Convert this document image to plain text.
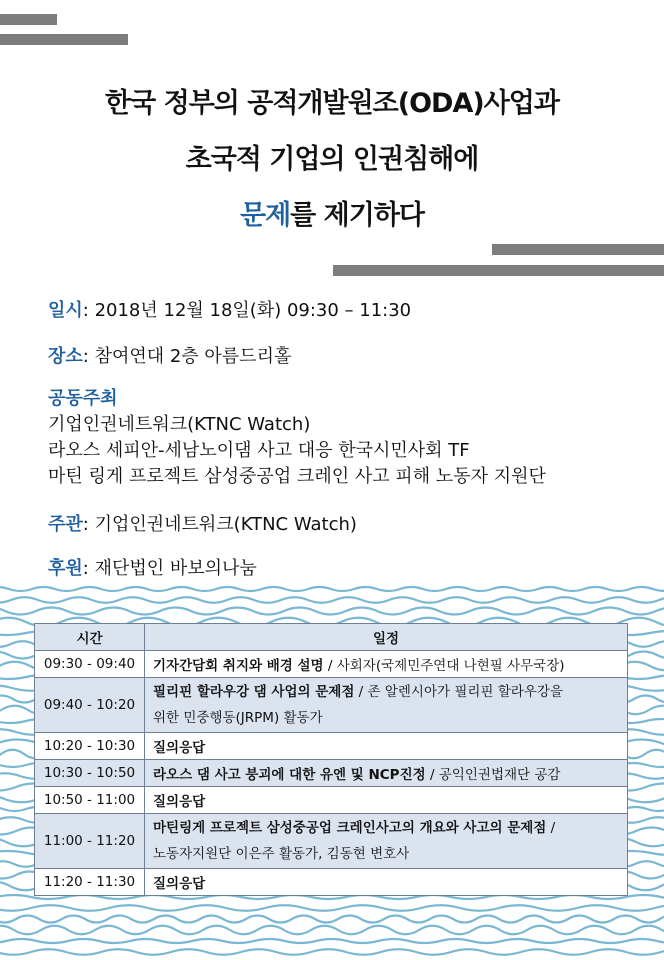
한국 정부의 공적개발원조(ODA)사업과
초국적 기업의 인권침해에
문제를 제기하다
일시: 2018년 12월 18일(화) 09:30 – 11:30
장소: 참여연대 2층 아름드리홀
공동주최
기업인권네트워크(KTNC Watch)
라오스 세피안-세남노이댐 사고 대응 한국시민사회 TF
마틴 링게 프로젝트 삼성중공업 크레인 사고 피해 노동자 지원단
주관: 기업인권네트워크(KTNC Watch)
후원: 재단법인 바보의나눔
시간	일정
09:30 - 09:40	기자간담회 취지와 배경 설명 / 사회자(국제민주연대 나현필 사무국장)
09:40 - 10:20	필리핀 할라우강 댐 사업의 문제점 / 존 알렌시아가 필리핀 할라우강을
위한 민중행동(JRPM) 활동가
10:20 - 10:30	질의응답
10:30 - 10:50	라오스 댐 사고 붕괴에 대한 유엔 및 NCP진정 / 공익인권법재단 공감
10:50 - 11:00	질의응답
11:00 - 11:20	마틴링게 프로젝트 삼성중공업 크레인사고의 개요와 사고의 문제점 /
노동자지원단 이은주 활동가, 김동현 변호사
11:20 - 11:30	질의응답
